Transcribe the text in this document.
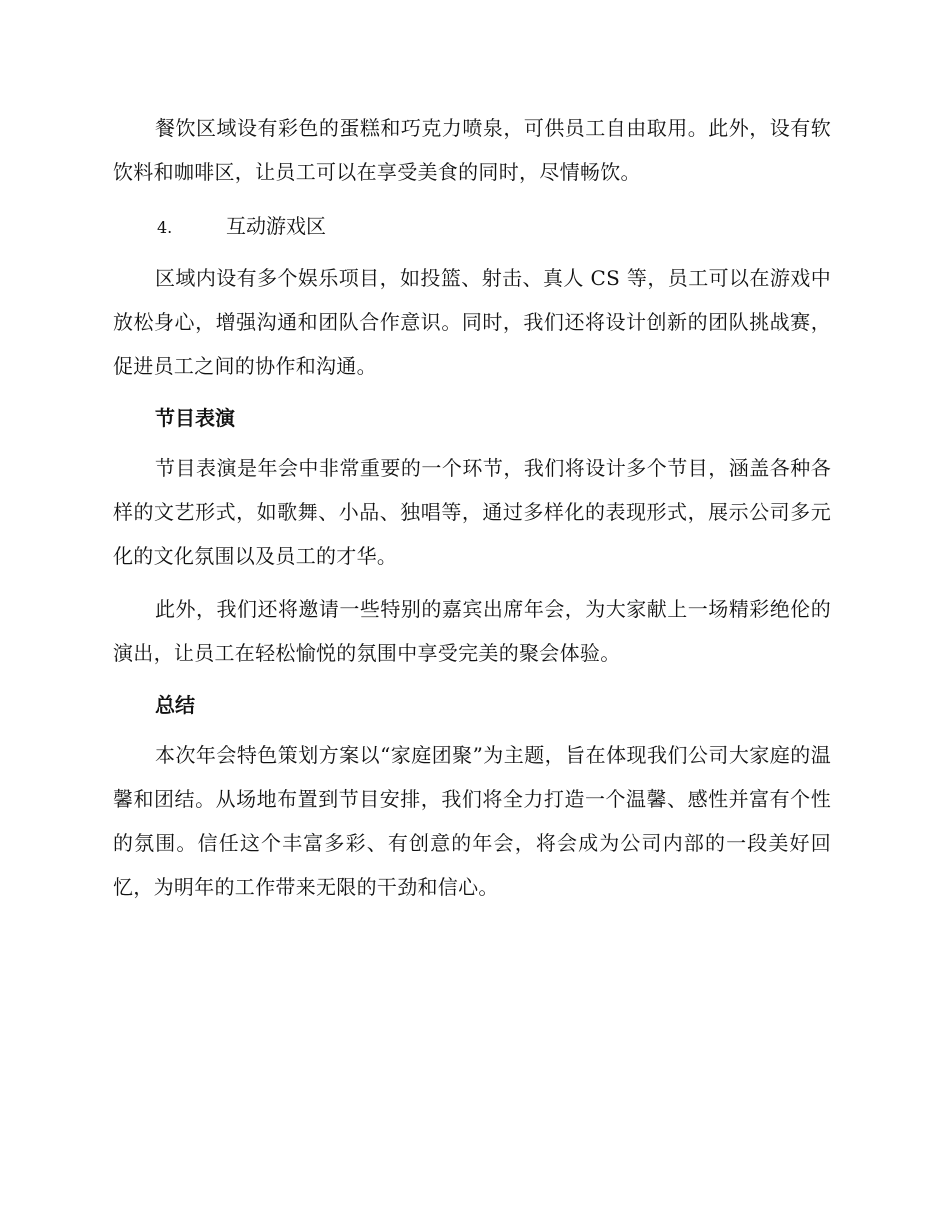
餐饮区域设有彩色的蛋糕和巧克力喷泉，可供员工自由取用。此外，设有软饮料和咖啡区，让员工可以在享受美食的同时，尽情畅饮。

4.	互动游戏区

区域内设有多个娱乐项目，如投篮、射击、真人 CS 等，员工可以在游戏中放松身心，增强沟通和团队合作意识。同时，我们还将设计创新的团队挑战赛，促进员工之间的协作和沟通。

节目表演

节目表演是年会中非常重要的一个环节，我们将设计多个节目，涵盖各种各样的文艺形式，如歌舞、小品、独唱等，通过多样化的表现形式，展示公司多元化的文化氛围以及员工的才华。

此外，我们还将邀请一些特别的嘉宾出席年会，为大家献上一场精彩绝伦的演出，让员工在轻松愉悦的氛围中享受完美的聚会体验。

总结

本次年会特色策划方案以“家庭团聚”为主题，旨在体现我们公司大家庭的温馨和团结。从场地布置到节目安排，我们将全力打造一个温馨、感性并富有个性的氛围。信任这个丰富多彩、有创意的年会，将会成为公司内部的一段美好回忆，为明年的工作带来无限的干劲和信心。
